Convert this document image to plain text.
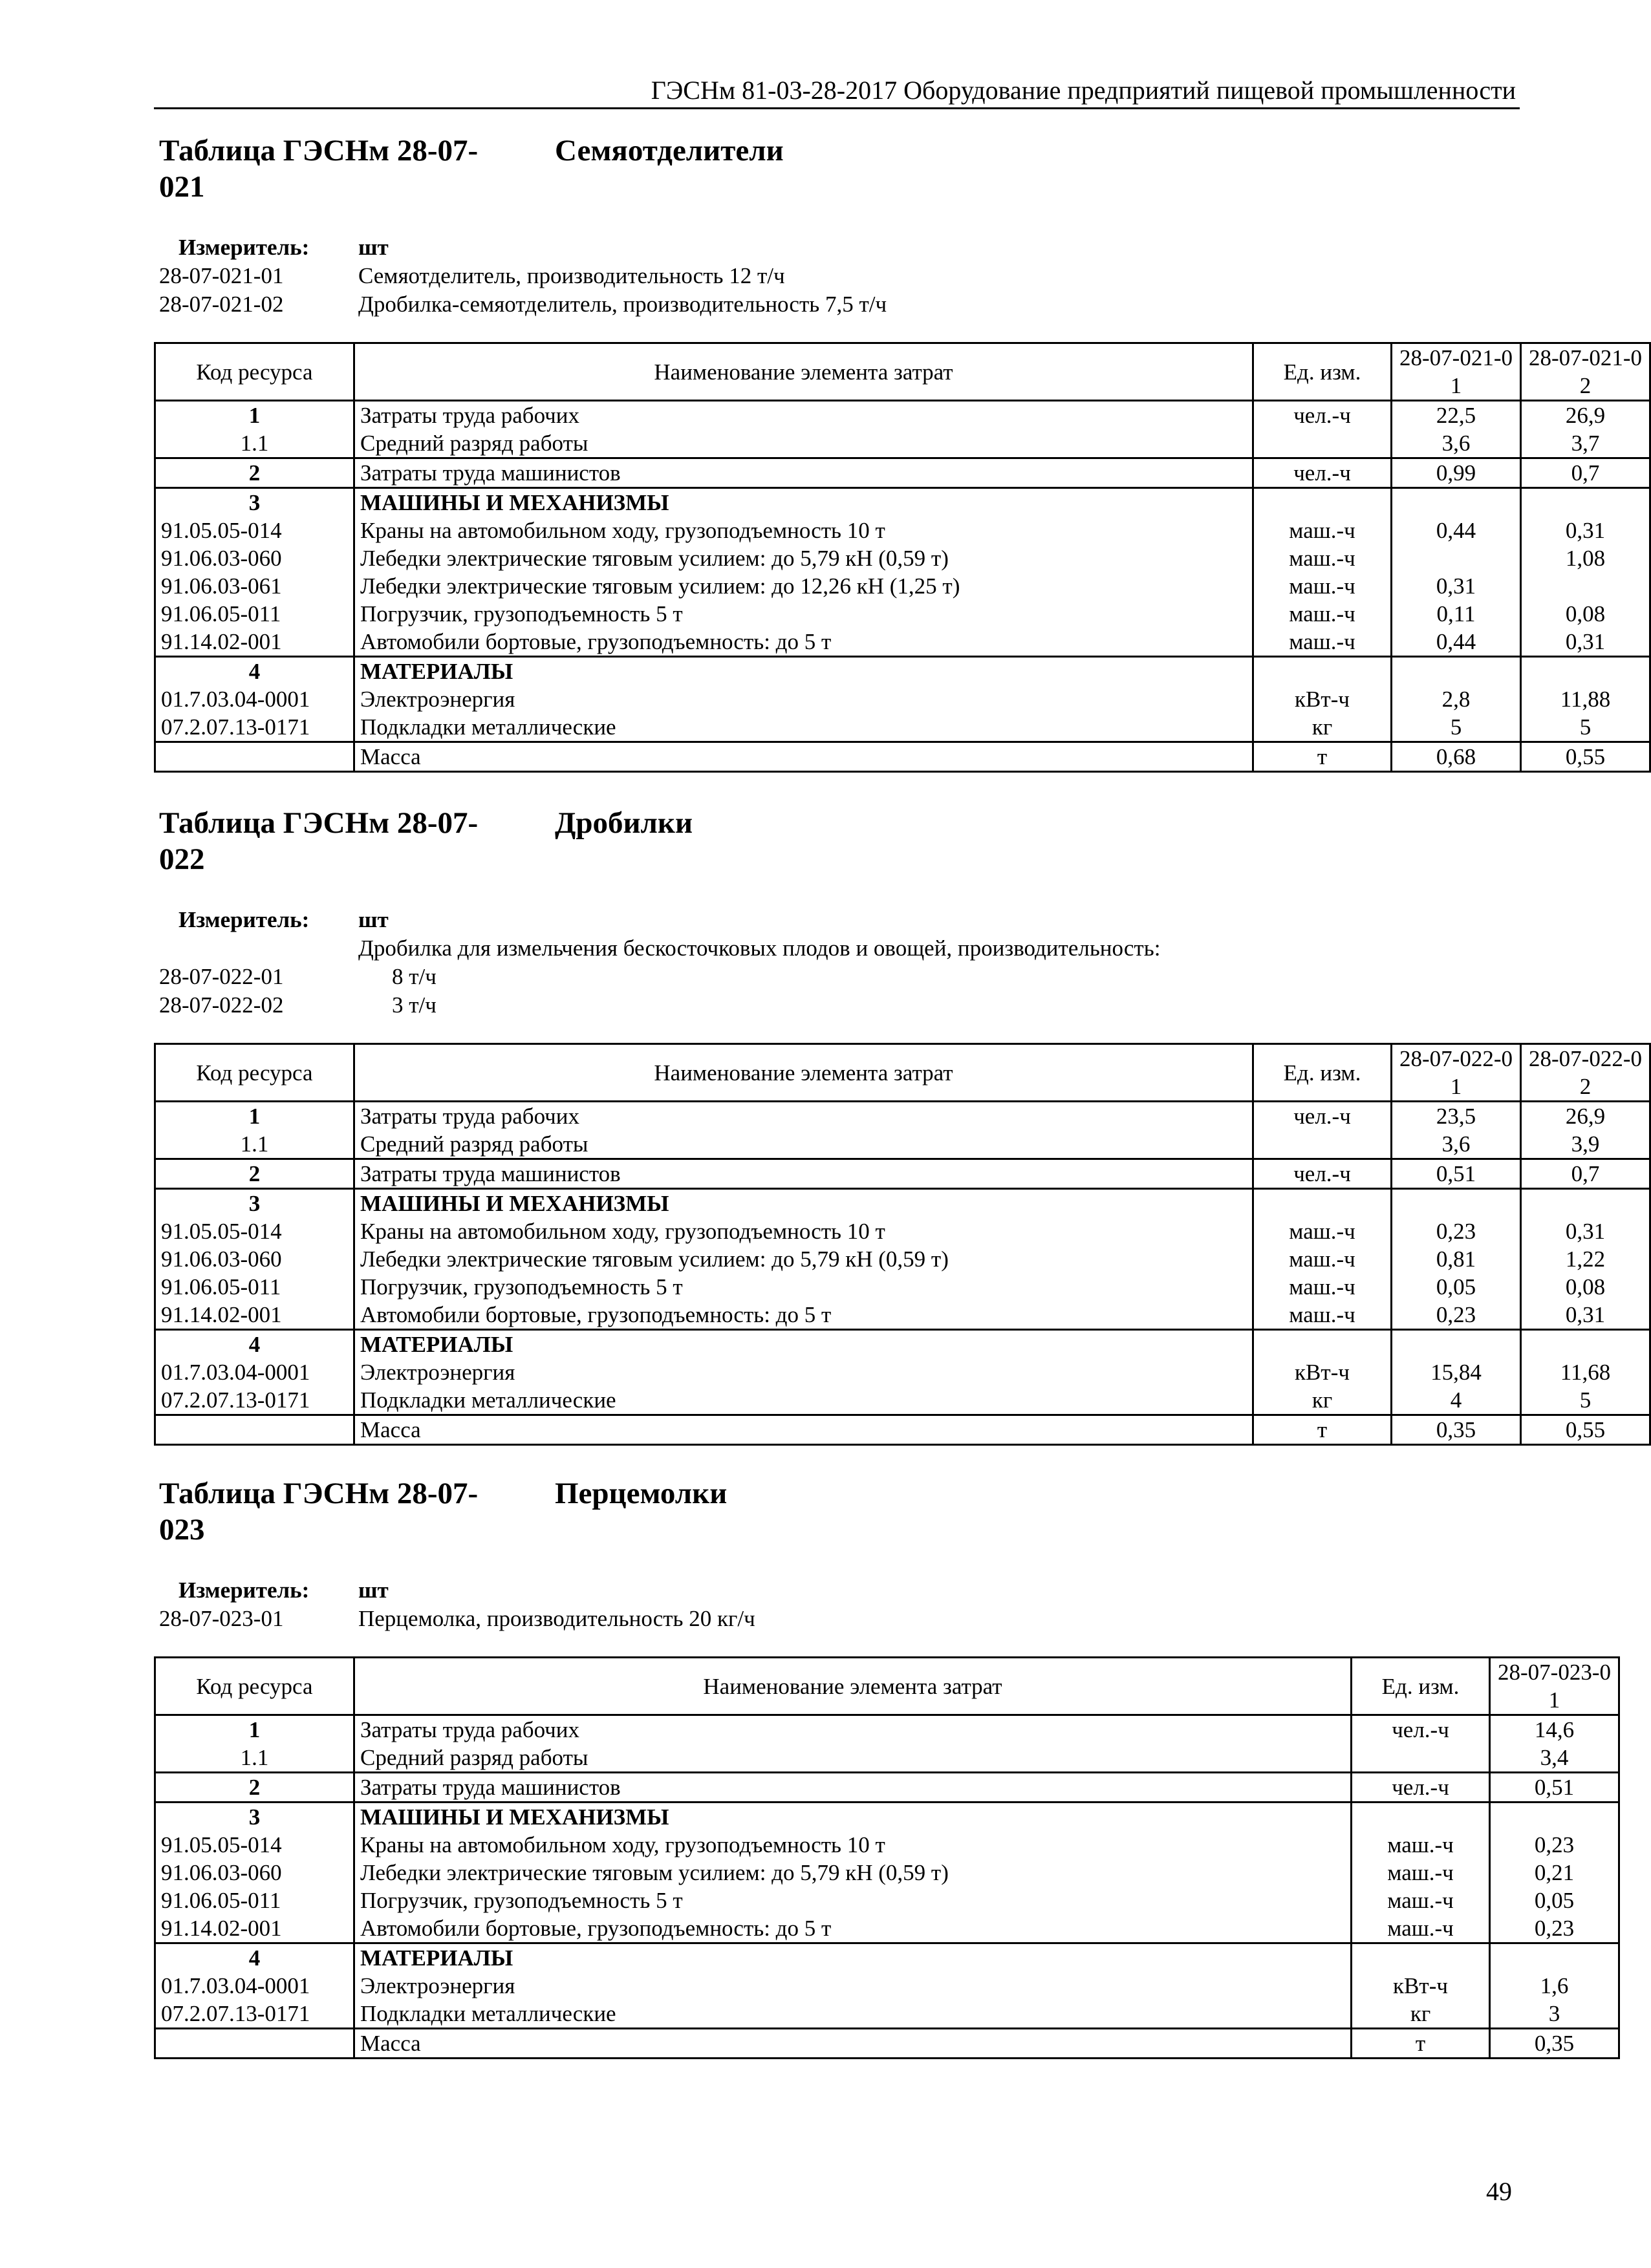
ГЭСНм 81-03-28-2017 Оборудование предприятий пищевой промышленности
Таблица ГЭСНм 28-07-021
Семяотделители
Измеритель: шт
28-07-021-01	Семяотделитель, производительность 12 т/ч
28-07-021-02	Дробилка-семяотделитель, производительность 7,5 т/ч
Код ресурса	Наименование элемента затрат	Ед. изм.	28-07-021-01	28-07-021-02
1	Затраты труда рабочих	чел.-ч	22,5	26,9
1.1	Средний разряд работы		3,6	3,7
2	Затраты труда машинистов	чел.-ч	0,99	0,7
3	МАШИНЫ И МЕХАНИЗМЫ			
91.05.05-014	Краны на автомобильном ходу, грузоподъемность 10 т	маш.-ч	0,44	0,31
91.06.03-060	Лебедки электрические тяговым усилием: до 5,79 кН (0,59 т)	маш.-ч		1,08
91.06.03-061	Лебедки электрические тяговым усилием: до 12,26 кН (1,25 т)	маш.-ч	0,31	
91.06.05-011	Погрузчик, грузоподъемность 5 т	маш.-ч	0,11	0,08
91.14.02-001	Автомобили бортовые, грузоподъемность: до 5 т	маш.-ч	0,44	0,31
4	МАТЕРИАЛЫ			
01.7.03.04-0001	Электроэнергия	кВт-ч	2,8	11,88
07.2.07.13-0171	Подкладки металлические	кг	5	5
	Масса	т	0,68	0,55
Таблица ГЭСНм 28-07-022
Дробилки
Измеритель: шт
Дробилка для измельчения бескосточковых плодов и овощей, производительность:
28-07-022-01	8 т/ч
28-07-022-02	3 т/ч
Код ресурса	Наименование элемента затрат	Ед. изм.	28-07-022-01	28-07-022-02
1	Затраты труда рабочих	чел.-ч	23,5	26,9
1.1	Средний разряд работы		3,6	3,9
2	Затраты труда машинистов	чел.-ч	0,51	0,7
3	МАШИНЫ И МЕХАНИЗМЫ			
91.05.05-014	Краны на автомобильном ходу, грузоподъемность 10 т	маш.-ч	0,23	0,31
91.06.03-060	Лебедки электрические тяговым усилием: до 5,79 кН (0,59 т)	маш.-ч	0,81	1,22
91.06.05-011	Погрузчик, грузоподъемность 5 т	маш.-ч	0,05	0,08
91.14.02-001	Автомобили бортовые, грузоподъемность: до 5 т	маш.-ч	0,23	0,31
4	МАТЕРИАЛЫ			
01.7.03.04-0001	Электроэнергия	кВт-ч	15,84	11,68
07.2.07.13-0171	Подкладки металлические	кг	4	5
	Масса	т	0,35	0,55
Таблица ГЭСНм 28-07-023
Перцемолки
Измеритель: шт
28-07-023-01	Перцемолка, производительность 20 кг/ч
Код ресурса	Наименование элемента затрат	Ед. изм.	28-07-023-01
1	Затраты труда рабочих	чел.-ч	14,6
1.1	Средний разряд работы		3,4
2	Затраты труда машинистов	чел.-ч	0,51
3	МАШИНЫ И МЕХАНИЗМЫ		
91.05.05-014	Краны на автомобильном ходу, грузоподъемность 10 т	маш.-ч	0,23
91.06.03-060	Лебедки электрические тяговым усилием: до 5,79 кН (0,59 т)	маш.-ч	0,21
91.06.05-011	Погрузчик, грузоподъемность 5 т	маш.-ч	0,05
91.14.02-001	Автомобили бортовые, грузоподъемность: до 5 т	маш.-ч	0,23
4	МАТЕРИАЛЫ		
01.7.03.04-0001	Электроэнергия	кВт-ч	1,6
07.2.07.13-0171	Подкладки металлические	кг	3
	Масса	т	0,35
49
